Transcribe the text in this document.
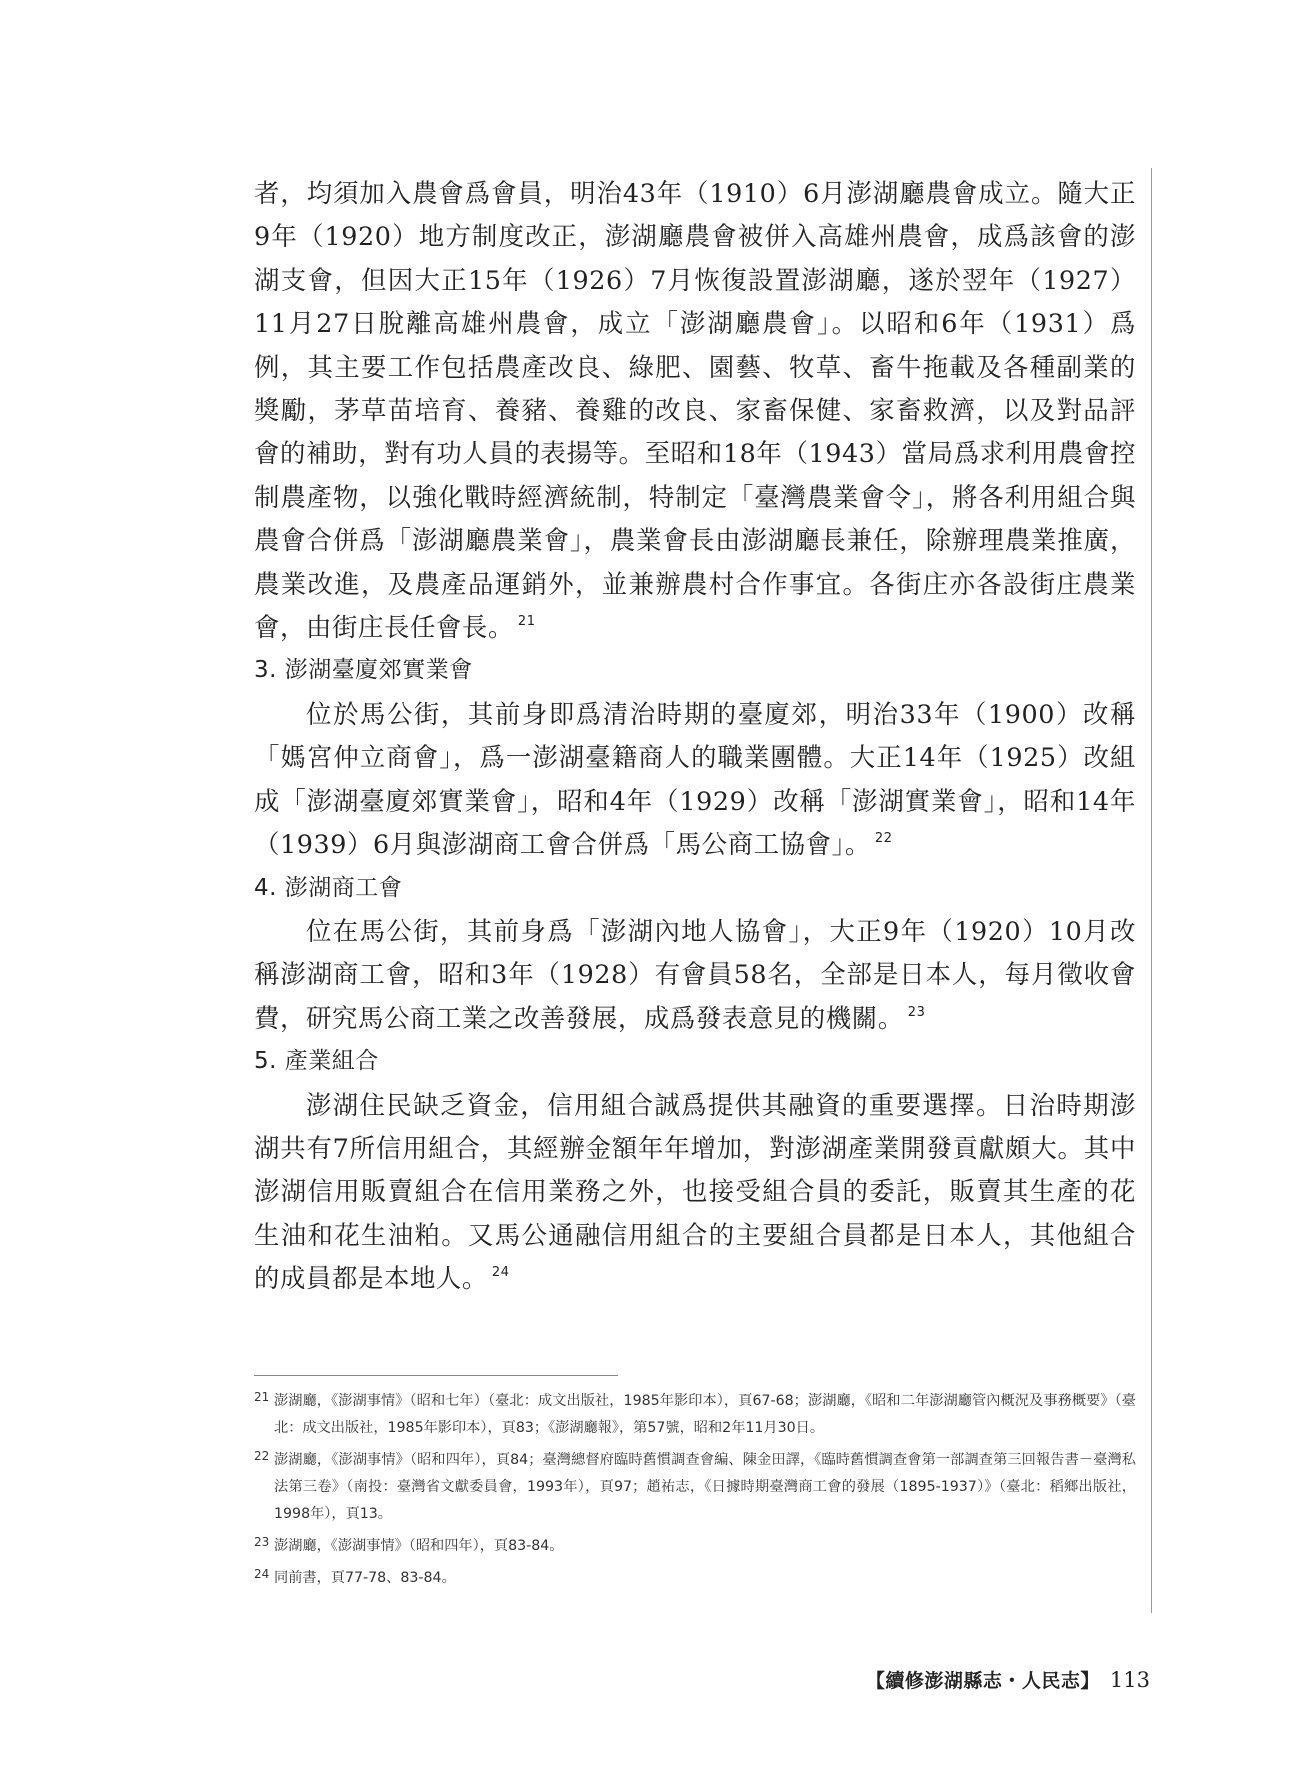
者，均須加入農會爲會員，明治43年（1910）6月澎湖廳農會成立。隨大正9年（1920）地方制度改正，澎湖廳農會被併入高雄州農會，成爲該會的澎湖支會，但因大正15年（1926）7月恢復設置澎湖廳，遂於翌年（1927）11月27日脫離高雄州農會，成立「澎湖廳農會」。以昭和6年（1931）爲例，其主要工作包括農產改良、綠肥、園藝、牧草、畜牛拖載及各種副業的獎勵，茅草苗培育、養豬、養雞的改良、家畜保健、家畜救濟，以及對品評會的補助，對有功人員的表揚等。至昭和18年（1943）當局爲求利用農會控制農產物，以強化戰時經濟統制，特制定「臺灣農業會令」，將各利用組合與農會合併爲「澎湖廳農業會」，農業會長由澎湖廳長兼任，除辦理農業推廣，農業改進，及農產品運銷外，並兼辦農村合作事宜。各街庄亦各設街庄農業會，由街庄長任會長。 $^{21}$

3. 澎湖臺廈郊實業會

位於馬公街，其前身即爲清治時期的臺廈郊，明治33年（1900）改稱「媽宮仲立商會」，爲一澎湖臺籍商人的職業團體。大正14年（1925）改組成「澎湖臺廈郊實業會」，昭和4年（1929）改稱「澎湖實業會」，昭和14年（1939）6月與澎湖商工會合併爲「馬公商工協會」。 $^{22}$

4. 澎湖商工會

位在馬公街，其前身爲「澎湖內地人協會」，大正9年（1920）10月改稱澎湖商工會，昭和3年（1928）有會員58名，全部是日本人，每月徵收會費，研究馬公商工業之改善發展，成爲發表意見的機關。 $^{23}$

5. 產業組合

澎湖住民缺乏資金，信用組合誠爲提供其融資的重要選擇。日治時期澎湖共有7所信用組合，其經辦金額年年增加，對澎湖產業開發貢獻頗大。其中澎湖信用販賣組合在信用業務之外，也接受組合員的委託，販賣其生產的花生油和花生油粕。又馬公通融信用組合的主要組合員都是日本人，其他組合的成員都是本地人。 $^{24}$

21 澎湖廳，《澎湖事情》（昭和七年）（臺北：成文出版社，1985年影印本），頁67-68；澎湖廳，《昭和二年澎湖廳管內概況及事務概要》（臺北：成文出版社，1985年影印本），頁83；《澎湖廳報》，第57號，昭和2年11月30日。
22 澎湖廳，《澎湖事情》（昭和四年），頁84；臺灣總督府臨時舊慣調查會編、陳金田譯，《臨時舊慣調查會第一部調查第三回報告書－臺灣私法第三卷》（南投：臺灣省文獻委員會，1993年），頁97；趙祐志，《日據時期臺灣商工會的發展（1895-1937）》（臺北：稻鄉出版社，1998年），頁13。
23 澎湖廳，《澎湖事情》（昭和四年），頁83-84。
24 同前書，頁77-78、83-84。
【續修澎湖縣志・人民志】 113
